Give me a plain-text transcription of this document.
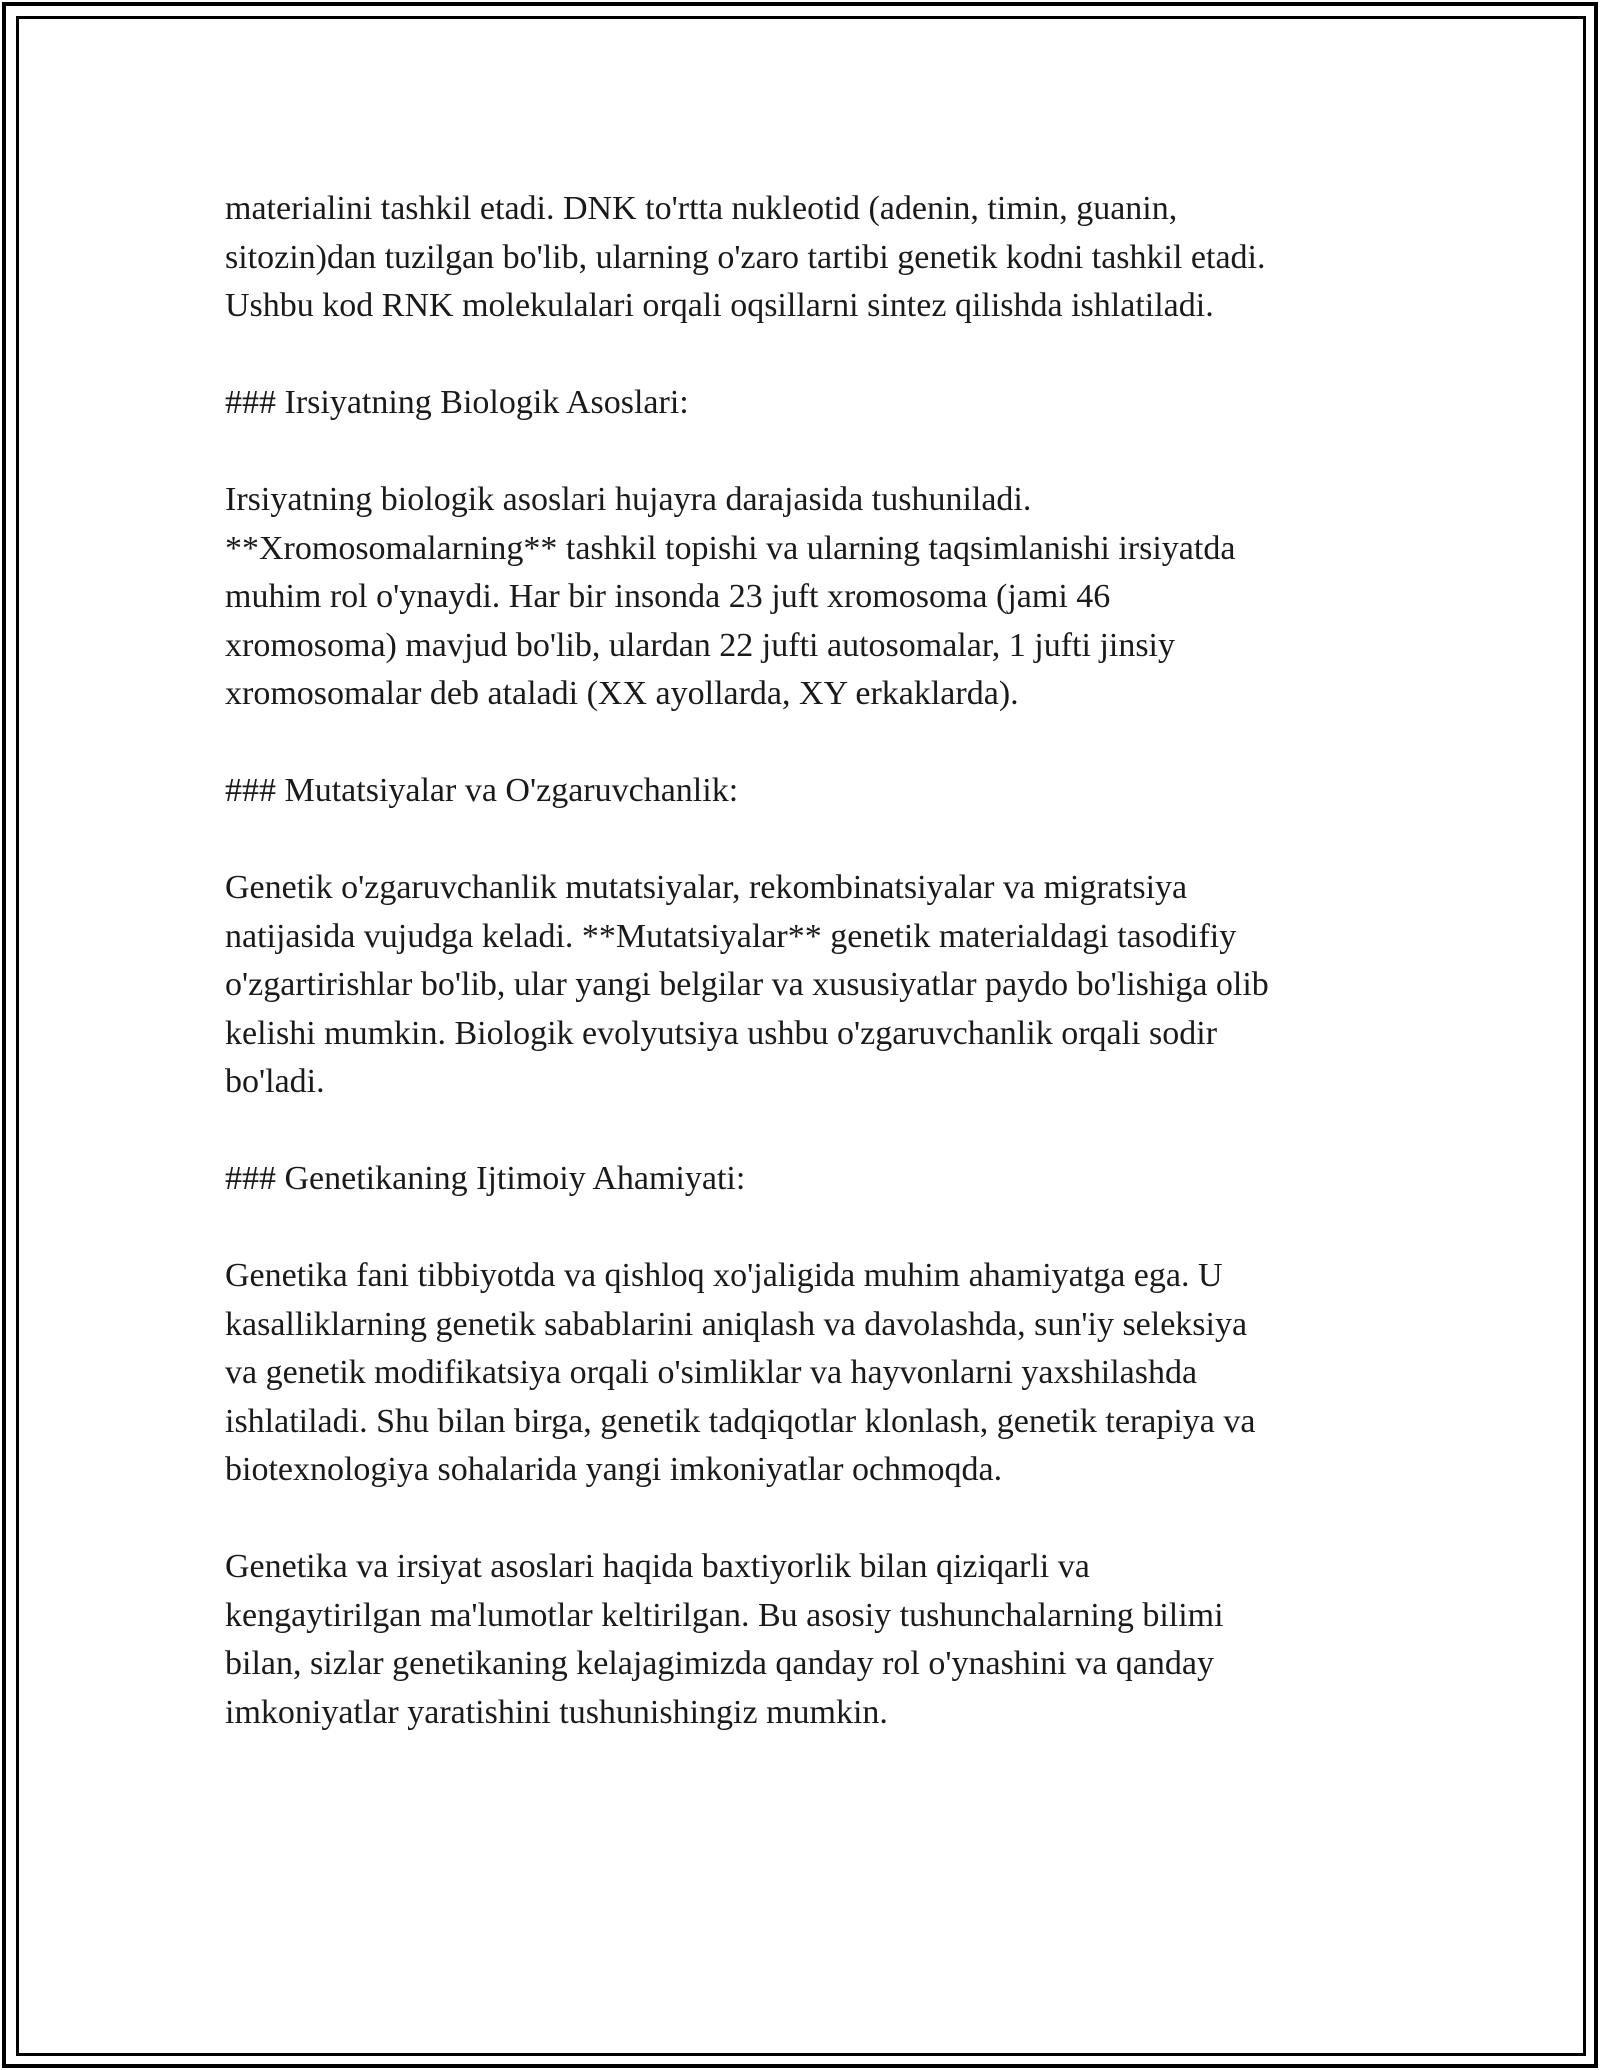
materialini tashkil etadi. DNK to'rtta nukleotid (adenin, timin, guanin,
sitozin)dan tuzilgan bo'lib, ularning o'zaro tartibi genetik kodni tashkil etadi.
Ushbu kod RNK molekulalari orqali oqsillarni sintez qilishda ishlatiladi.

### Irsiyatning Biologik Asoslari:

Irsiyatning biologik asoslari hujayra darajasida tushuniladi.
**Xromosomalarning** tashkil topishi va ularning taqsimlanishi irsiyatda
muhim rol o'ynaydi. Har bir insonda 23 juft xromosoma (jami 46
xromosoma) mavjud bo'lib, ulardan 22 jufti autosomalar, 1 jufti jinsiy
xromosomalar deb ataladi (XX ayollarda, XY erkaklarda).

### Mutatsiyalar va O'zgaruvchanlik:

Genetik o'zgaruvchanlik mutatsiyalar, rekombinatsiyalar va migratsiya
natijasida vujudga keladi. **Mutatsiyalar** genetik materialdagi tasodifiy
o'zgartirishlar bo'lib, ular yangi belgilar va xususiyatlar paydo bo'lishiga olib
kelishi mumkin. Biologik evolyutsiya ushbu o'zgaruvchanlik orqali sodir
bo'ladi.

### Genetikaning Ijtimoiy Ahamiyati:

Genetika fani tibbiyotda va qishloq xo'jaligida muhim ahamiyatga ega. U
kasalliklarning genetik sabablarini aniqlash va davolashda, sun'iy seleksiya
va genetik modifikatsiya orqali o'simliklar va hayvonlarni yaxshilashda
ishlatiladi. Shu bilan birga, genetik tadqiqotlar klonlash, genetik terapiya va
biotexnologiya sohalarida yangi imkoniyatlar ochmoqda.

Genetika va irsiyat asoslari haqida baxtiyorlik bilan qiziqarli va
kengaytirilgan ma'lumotlar keltirilgan. Bu asosiy tushunchalarning bilimi
bilan, sizlar genetikaning kelajagimizda qanday rol o'ynashini va qanday
imkoniyatlar yaratishini tushunishingiz mumkin.
